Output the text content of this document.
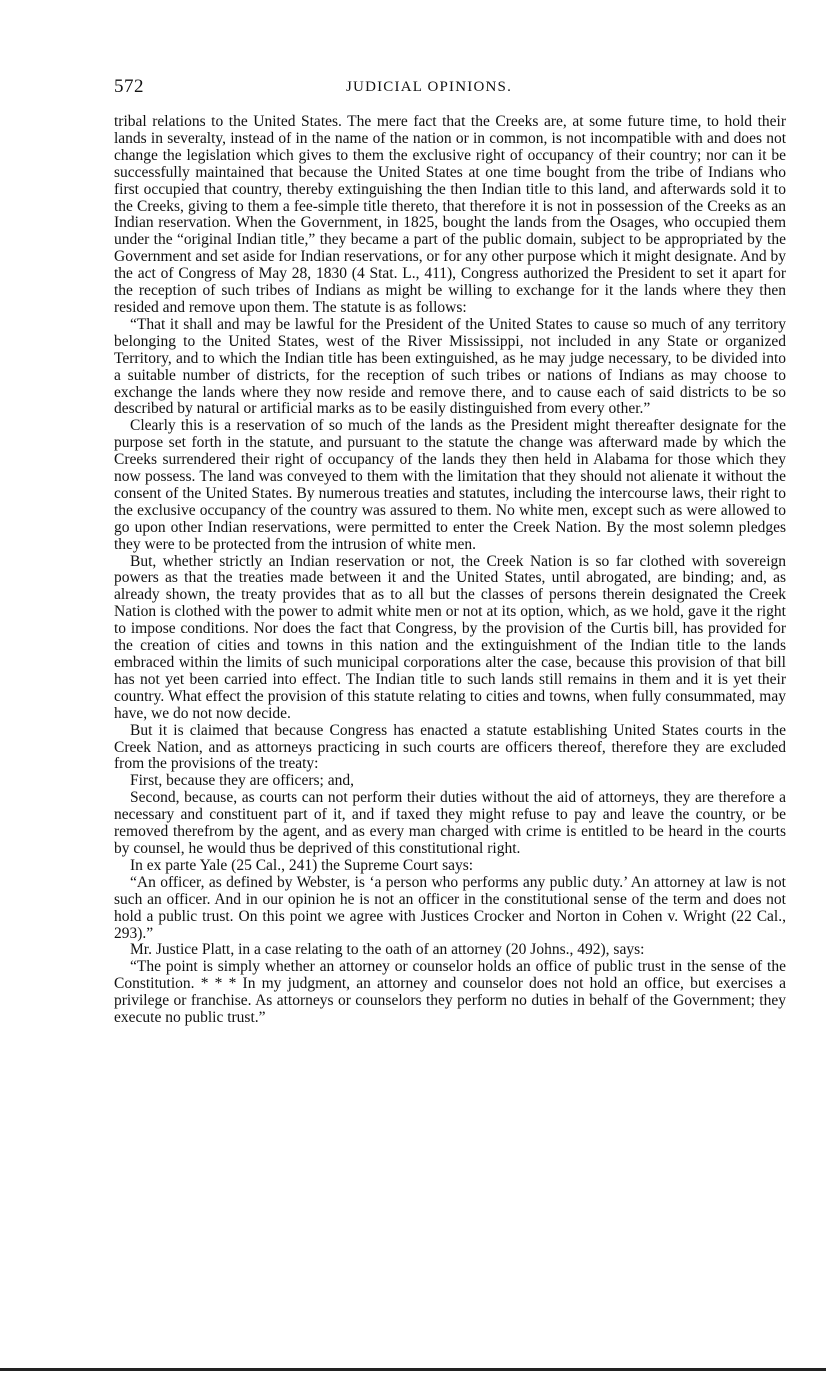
572	JUDICIAL OPINIONS.

tribal relations to the United States. The mere fact that the Creeks are, at some future time, to hold their lands in severalty, instead of in the name of the nation or in common, is not incompatible with and does not change the legislation which gives to them the exclusive right of occupancy of their country; nor can it be successfully maintained that because the United States at one time bought from the tribe of Indians who first occupied that country, thereby extinguishing the then Indian title to this land, and afterwards sold it to the Creeks, giving to them a fee-simple title thereto, that therefore it is not in possession of the Creeks as an Indian reservation. When the Government, in 1825, bought the lands from the Osages, who occupied them under the “original Indian title,” they became a part of the public domain, subject to be appropriated by the Government and set aside for Indian reservations, or for any other purpose which it might designate. And by the act of Congress of May 28, 1830 (4 Stat. L., 411), Congress authorized the President to set it apart for the reception of such tribes of Indians as might be willing to exchange for it the lands where they then resided and remove upon them. The statute is as follows:

“That it shall and may be lawful for the President of the United States to cause so much of any territory belonging to the United States, west of the River Mississippi, not included in any State or organized Territory, and to which the Indian title has been extinguished, as he may judge necessary, to be divided into a suitable number of districts, for the reception of such tribes or nations of Indians as may choose to exchange the lands where they now reside and remove there, and to cause each of said districts to be so described by natural or artificial marks as to be easily distinguished from every other.”

Clearly this is a reservation of so much of the lands as the President might thereafter designate for the purpose set forth in the statute, and pursuant to the statute the change was afterward made by which the Creeks surrendered their right of occupancy of the lands they then held in Alabama for those which they now possess. The land was conveyed to them with the limitation that they should not alienate it without the consent of the United States. By numerous treaties and statutes, including the intercourse laws, their right to the exclusive occupancy of the country was assured to them. No white men, except such as were allowed to go upon other Indian reservations, were permitted to enter the Creek Nation. By the most solemn pledges they were to be protected from the intrusion of white men.

But, whether strictly an Indian reservation or not, the Creek Nation is so far clothed with sovereign powers as that the treaties made between it and the United States, until abrogated, are binding; and, as already shown, the treaty provides that as to all but the classes of persons therein designated the Creek Nation is clothed with the power to admit white men or not at its option, which, as we hold, gave it the right to impose conditions. Nor does the fact that Congress, by the provision of the Curtis bill, has provided for the creation of cities and towns in this nation and the extinguishment of the Indian title to the lands embraced within the limits of such municipal corporations alter the case, because this provision of that bill has not yet been carried into effect. The Indian title to such lands still remains in them and it is yet their country. What effect the provision of this statute relating to cities and towns, when fully consummated, may have, we do not now decide.

But it is claimed that because Congress has enacted a statute establishing United States courts in the Creek Nation, and as attorneys practicing in such courts are officers thereof, therefore they are excluded from the provisions of the treaty:

First, because they are officers; and,

Second, because, as courts can not perform their duties without the aid of attorneys, they are therefore a necessary and constituent part of it, and if taxed they might refuse to pay and leave the country, or be removed therefrom by the agent, and as every man charged with crime is entitled to be heard in the courts by counsel, he would thus be deprived of this constitutional right.

In ex parte Yale (25 Cal., 241) the Supreme Court says:

“An officer, as defined by Webster, is ‘a person who performs any public duty.’ An attorney at law is not such an officer. And in our opinion he is not an officer in the constitutional sense of the term and does not hold a public trust. On this point we agree with Justices Crocker and Norton in Cohen v. Wright (22 Cal., 293).”

Mr. Justice Platt, in a case relating to the oath of an attorney (20 Johns., 492), says:

“The point is simply whether an attorney or counselor holds an office of public trust in the sense of the Constitution. * * * In my judgment, an attorney and counselor does not hold an office, but exercises a privilege or franchise. As attorneys or counselors they perform no duties in behalf of the Government; they execute no public trust.”
